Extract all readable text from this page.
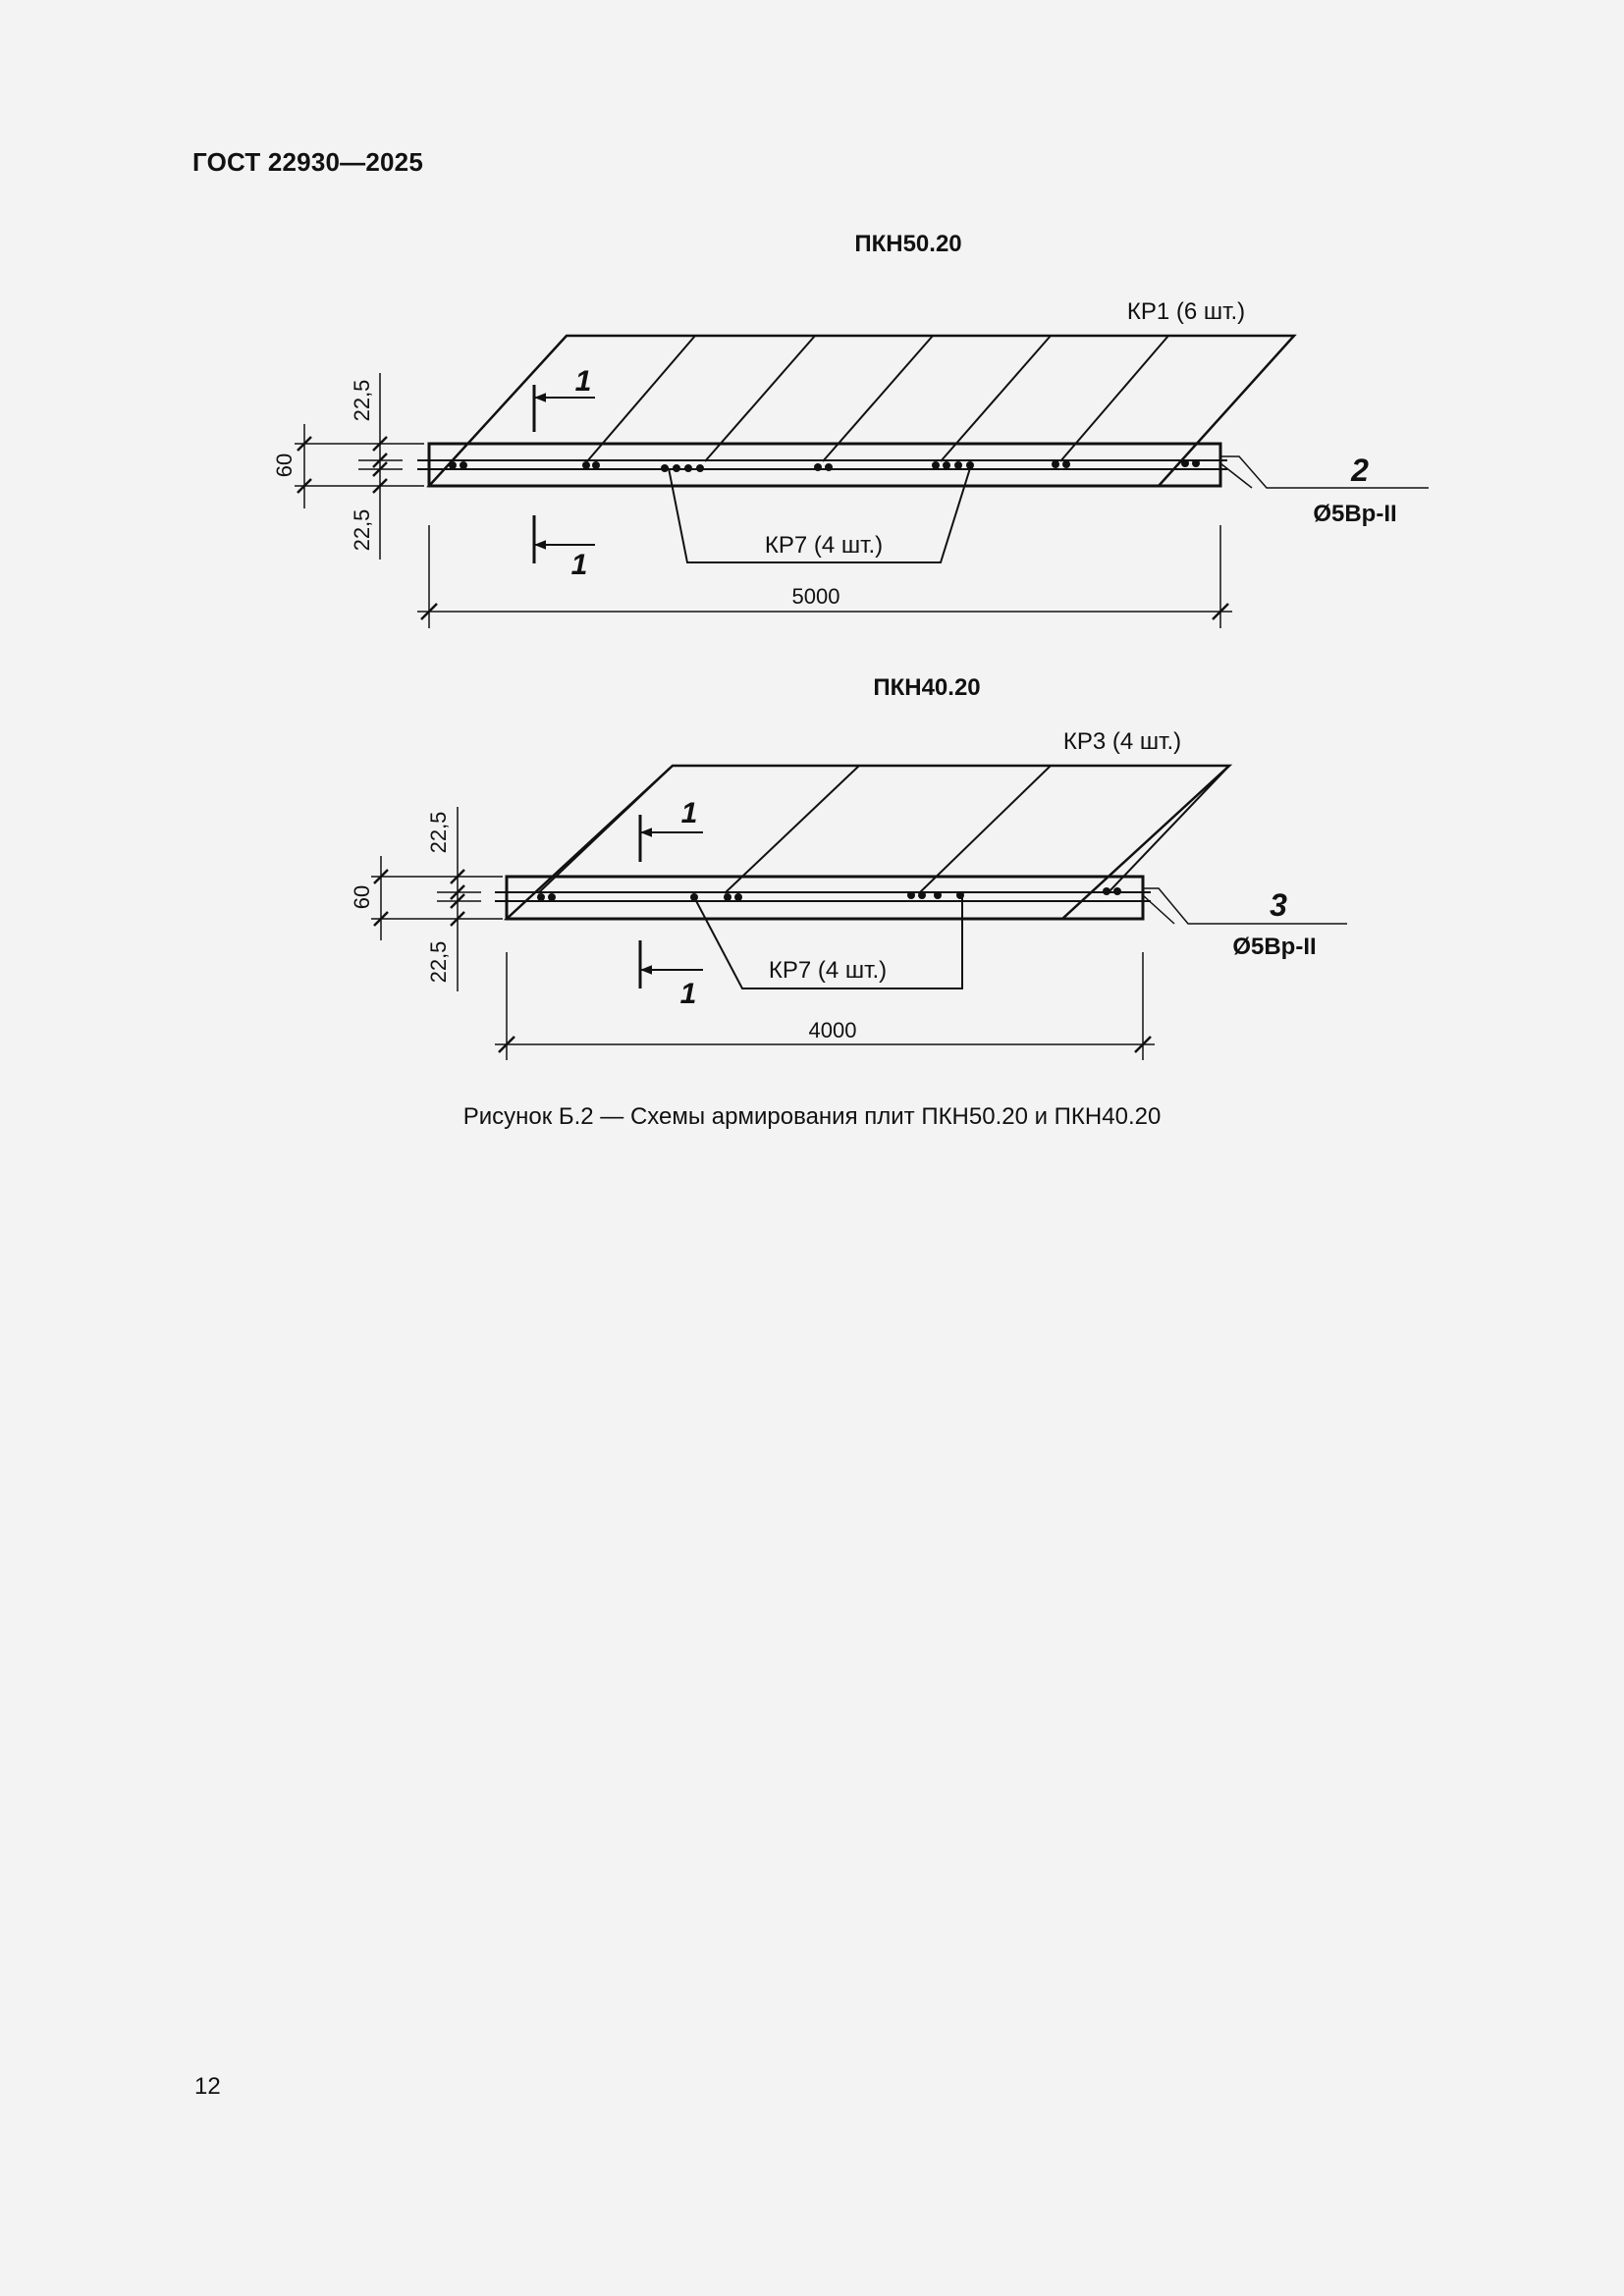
ГОСТ 22930—2025
ПКН50.20
КР7 (4 шт.)
КР1 (6 шт.)
1
1
2
Ø5Вр-II
5000
60
22,5
22,5
ПКН40.20
КР7 (4 шт.)
КР3 (4 шт.)
1
1
3
Ø5Вр-II
4000
60
22,5
22,5
Рисунок Б.2 — Схемы армирования плит ПКН50.20 и ПКН40.20
12
